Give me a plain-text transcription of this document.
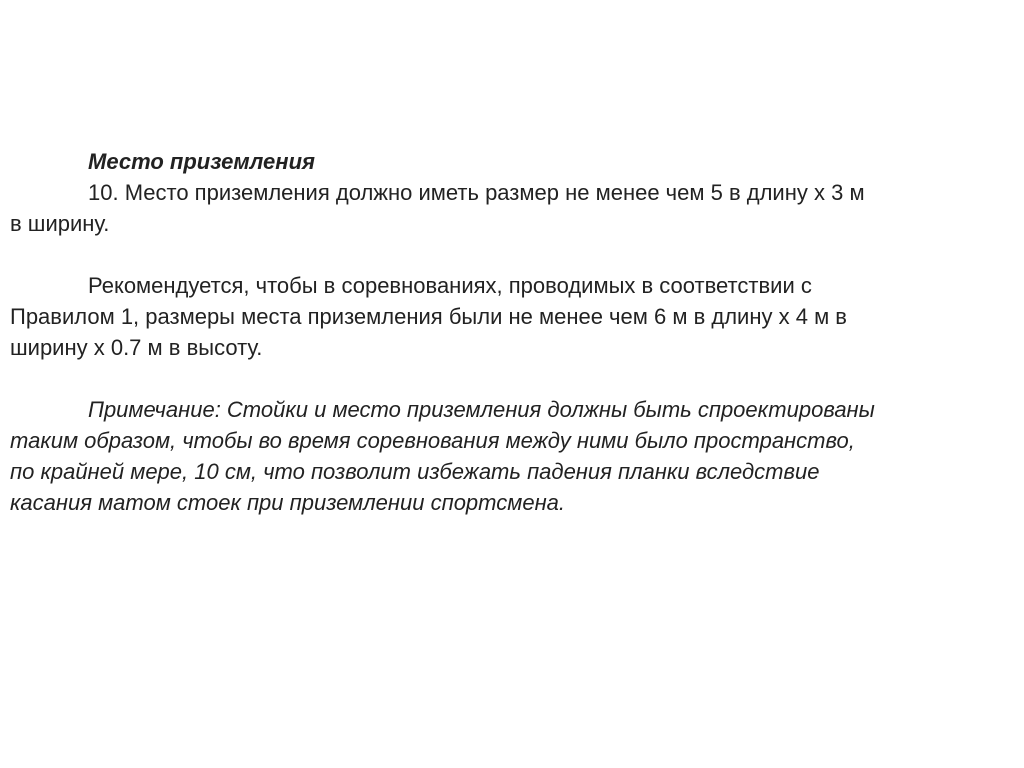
Место приземления

10. Место приземления должно иметь размер не менее чем 5 в длину x 3 м

в ширину.

Рекомендуется, чтобы в соревнованиях, проводимых в соответствии с

Правилом 1, размеры места приземления были не менее чем 6 м в длину x 4 м в

ширину x 0.7 м в высоту.

Примечание: Стойки и место приземления должны быть спроектированы

таким образом, чтобы во время соревнования между ними было пространство,

по крайней мере, 10 см, что позволит избежать падения планки вследствие

касания матом стоек при приземлении спортсмена.
